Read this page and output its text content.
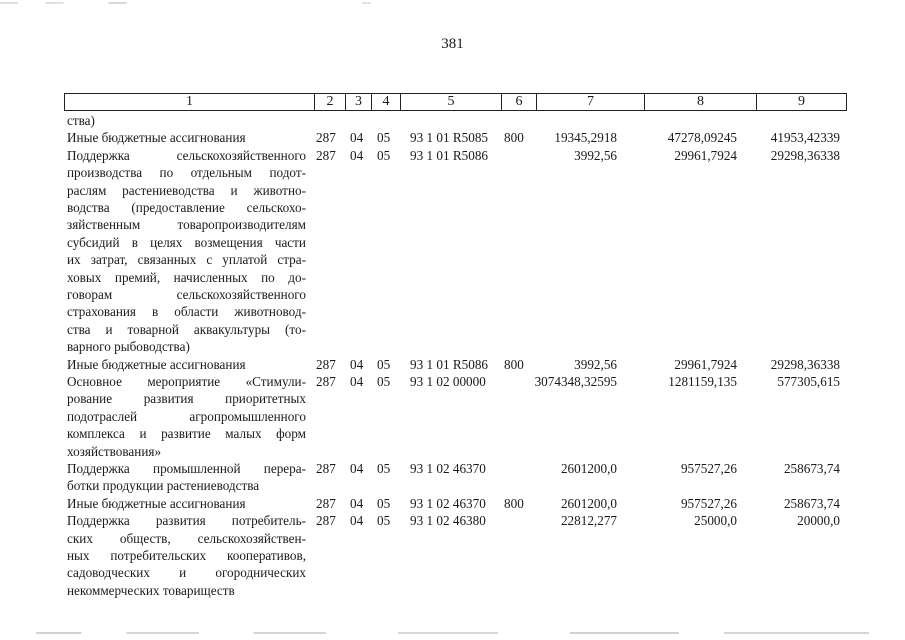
381
1	2	3	4	5	6	7	8	9
ства)
Иные бюджетные ассигнования	287 04 05 93 1 01 R5085 800 19345,2918	47278,09245	41953,42339
Поддержка сельскохозяйственного
производства по отдельным подот-
раслям растениеводства и животно-
водства (предоставление сельскохо-
зяйственным товаропроизводителям
субсидий в целях возмещения части
их затрат, связанных с уплатой стра-
ховых премий, начисленных по до-
говорам сельскохозяйственного
страхования в области животновод-
ства и товарной аквакультуры (то-
варного рыбоводства)
287 04 05 93 1 01 R5086	3992,56	29961,7924	29298,36338
Иные бюджетные ассигнования	287 04 05 93 1 01 R5086 800	3992,56	29961,7924	29298,36338
Основное мероприятие «Стимули-
рование развития приоритетных
подотраслей агропромышленного
комплекса и развитие малых форм
хозяйствования»
287 04 05 93 1 02 00000	3074348,32595	1281159,135	577305,615
Поддержка промышленной перера-
ботки продукции растениеводства
287 04 05 93 1 02 46370	2601200,0	957527,26	258673,74
Иные бюджетные ассигнования	287 04 05 93 1 02 46370 800	2601200,0	957527,26	258673,74
Поддержка развития потребитель-
ских обществ, сельскохозяйствен-
ных потребительских кооперативов,
садоводческих и огороднических
некоммерческих товариществ
287 04 05 93 1 02 46380	22812,277	25000,0	20000,0
